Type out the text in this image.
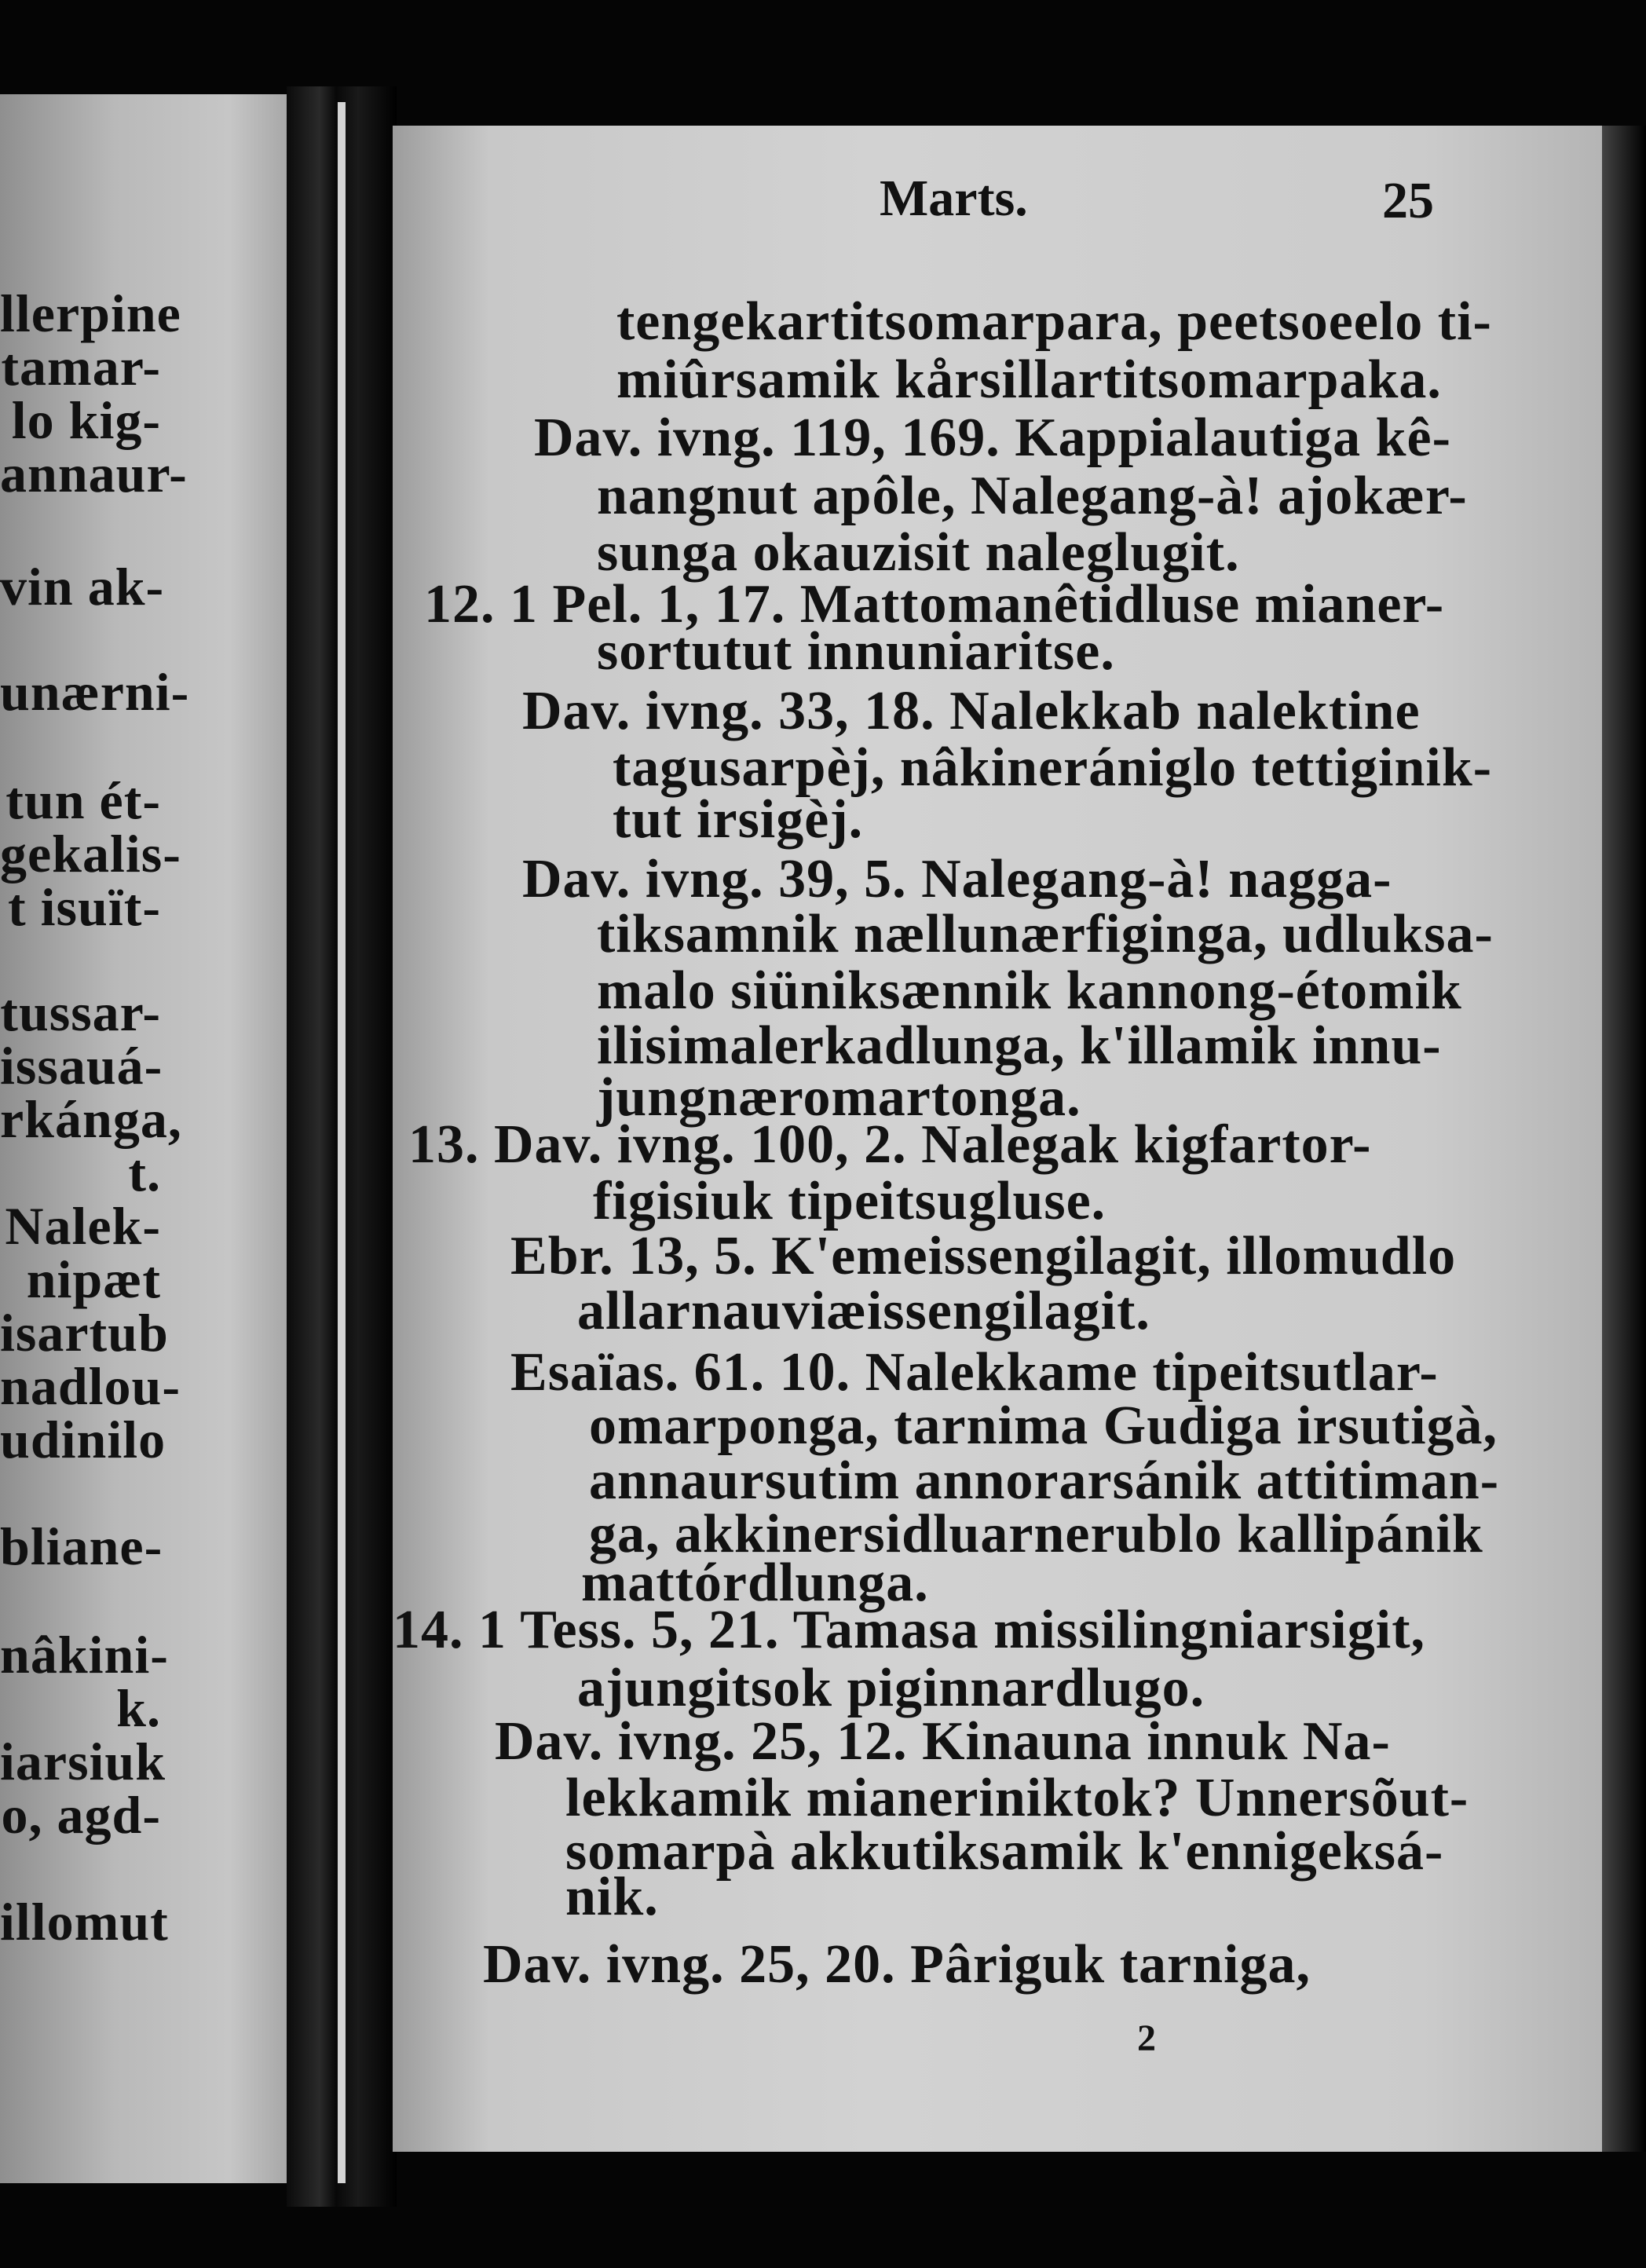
llerpine
tamar-
lo kig-
annaur-
vin ak-
unærni-
tun ét-
gekalis-
t isuït-
tussar-
issauá-
rkánga,
t.
Nalek-
nipæt
isartub
nadlou-
udinilo
bliane-
nâkini-
k.
iarsiuk
o, agd-
illomut
Marts.	25
tengekartitsomarpara, peetsoeelo ti-
miûrsamik kårsillartitsomarpaka.
Dav. ivng. 119, 169. Kappialautiga kê-
nangnut apôle, Nalegang-à! ajokær-
sunga okauzisit naleglugit.
12. 1 Pel. 1, 17. Mattomanêtidluse mianer-
sortutut innuniaritse.
Dav. ivng. 33, 18. Nalekkab nalektine
tagusarpèj, nâkinerániglo tettiginik-
tut irsigèj.
Dav. ivng. 39, 5. Nalegang-à! nagga-
tiksamnik nællunærfiginga, udluksa-
malo siüniksænnik kannong-étomik
ilisimalerkadlunga, k'illamik innu-
jungnæromartonga.
13. Dav. ivng. 100, 2. Nalegak kigfartor-
figisiuk tipeitsugluse.
Ebr. 13, 5. K'emeissengilagit, illomudlo
allarnauviæissengilagit.
Esaïas. 61. 10. Nalekkame tipeitsutlar-
omarponga, tarnima Gudiga irsutigà,
annaursutim annorarsánik attitiman-
ga, akkinersidluarnerublo kallipánik
mattórdlunga.
14. 1 Tess. 5, 21. Tamasa missilingniarsigit,
ajungitsok piginnardlugo.
Dav. ivng. 25, 12. Kinauna innuk Na-
lekkamik mianeriniktok? Unnersõut-
somarpà akkutiksamik k'ennigeksá-
nik.
Dav. ivng. 25, 20. Pâriguk tarniga,
2
